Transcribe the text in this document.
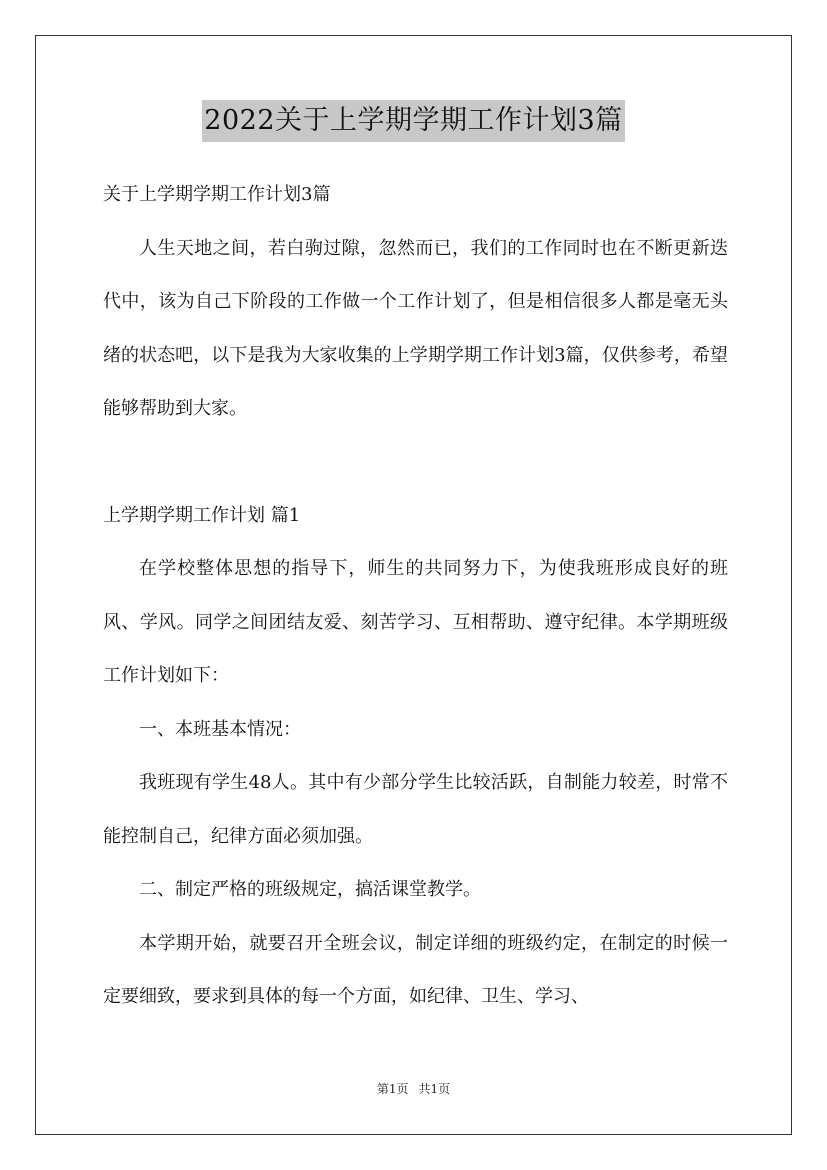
2022关于上学期学期工作计划3篇

关于上学期学期工作计划3篇

人生天地之间，若白驹过隙，忽然而已，我们的工作同时也在不断更新迭代中，该为自己下阶段的工作做一个工作计划了，但是相信很多人都是毫无头绪的状态吧，以下是我为大家收集的上学期学期工作计划3篇，仅供参考，希望能够帮助到大家。

上学期学期工作计划 篇1

在学校整体思想的指导下，师生的共同努力下，为使我班形成良好的班风、学风。同学之间团结友爱、刻苦学习、互相帮助、遵守纪律。本学期班级工作计划如下：

一、本班基本情况：

我班现有学生48人。其中有少部分学生比较活跃，自制能力较差，时常不能控制自己，纪律方面必须加强。

二、制定严格的班级规定，搞活课堂教学。

本学期开始，就要召开全班会议，制定详细的班级约定，在制定的时候一定要细致，要求到具体的每一个方面，如纪律、卫生、学习、

第1页 共1页
